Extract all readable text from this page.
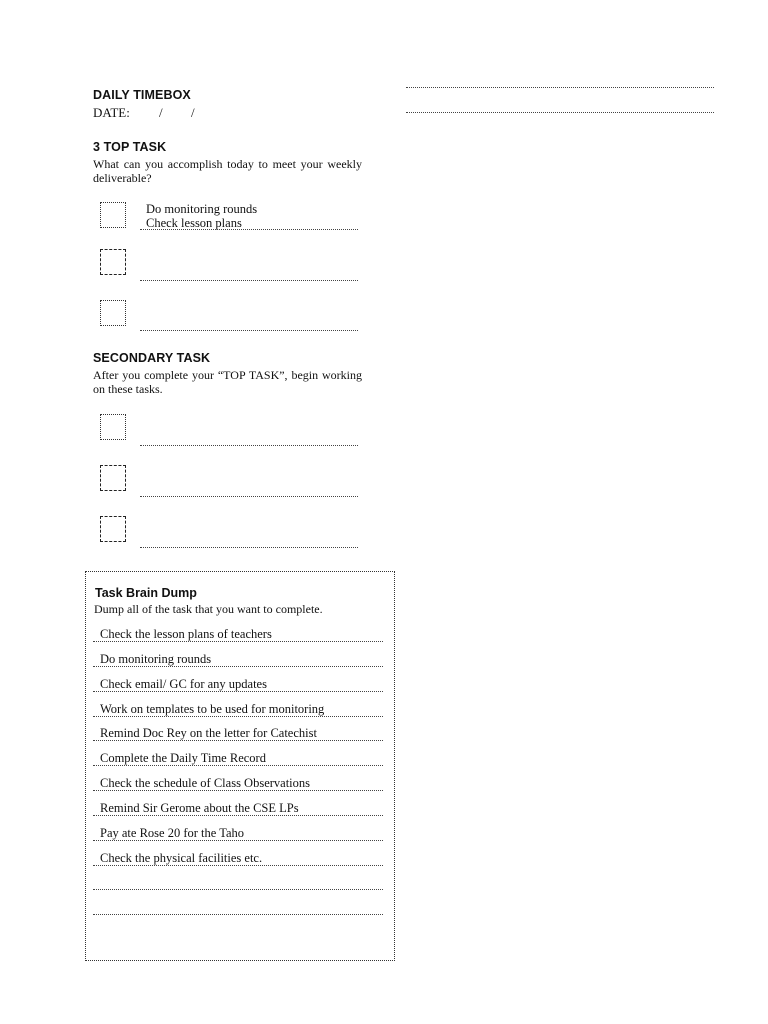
DAILY TIMEBOX
DATE: / /
3 TOP TASK

What can you accomplish today to meet your weekly deliverable?

Do monitoring rounds
Check lesson plans
SECONDARY TASK

After you complete your “TOP TASK”, begin working on these tasks.

Task Brain Dump
Dump all of the task that you want to complete.
Check the lesson plans of teachers
Do monitoring rounds
Check email/ GC for any updates
Work on templates to be used for monitoring
Remind Doc Rey on the letter for Catechist
Complete the Daily Time Record
Check the schedule of Class Observations
Remind Sir Gerome about the CSE LPs
Pay ate Rose 20 for the Taho
Check the physical facilities etc.
